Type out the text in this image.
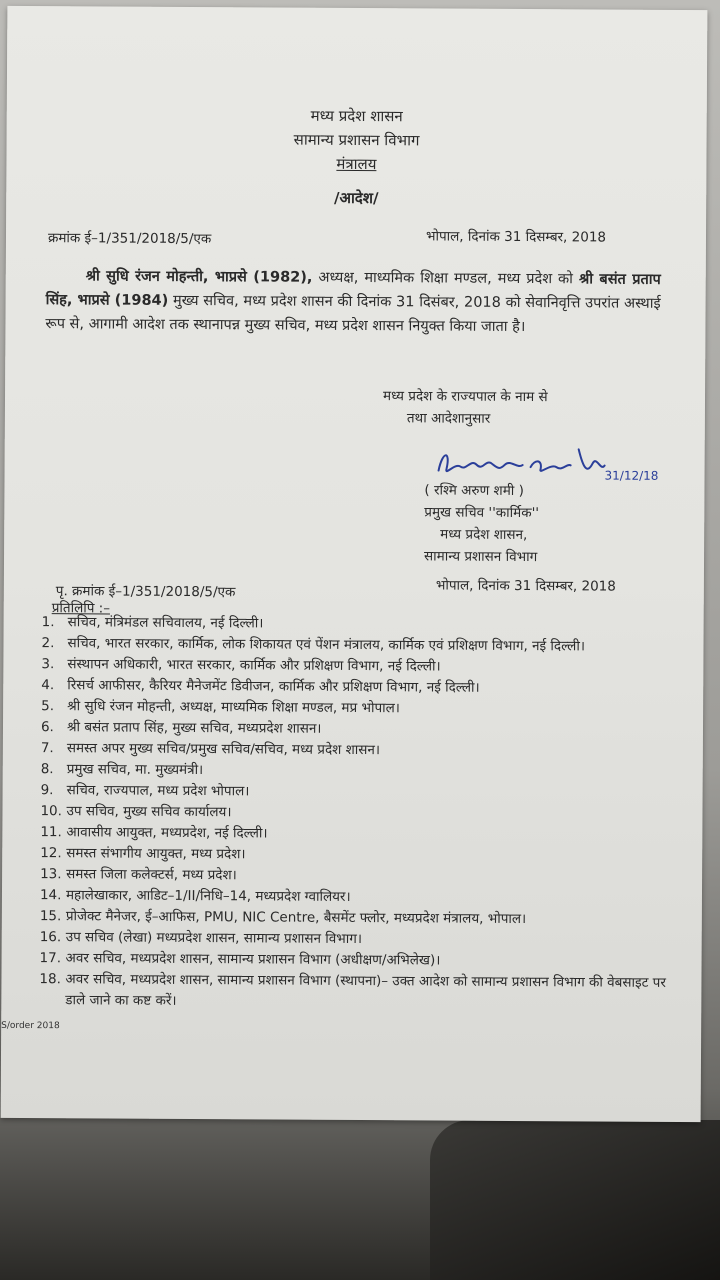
मध्य प्रदेश शासन
सामान्य प्रशासन विभाग
मंत्रालय
/आदेश/
क्रमांक ई–1/351/2018/5/एक	भोपाल, दिनांक 31 दिसम्बर, 2018
श्री सुधि रंजन मोहन्ती, भाप्रसे (1982), अध्यक्ष, माध्यमिक शिक्षा मण्डल, मध्य प्रदेश को श्री बसंत प्रताप सिंह, भाप्रसे (1984) मुख्य सचिव, मध्य प्रदेश शासन की दिनांक 31 दिसंबर, 2018 को सेवानिवृत्ति उपरांत अस्थाई रूप से, आगामी आदेश तक स्थानापन्न मुख्य सचिव, मध्य प्रदेश शासन नियुक्त किया जाता है।
मध्य प्रदेश के राज्यपाल के नाम से
तथा आदेशानुसार
31/12/18
( रश्मि अरुण शमी )
प्रमुख सचिव ''कार्मिक''
मध्य प्रदेश शासन,
सामान्य प्रशासन विभाग
पृ. क्रमांक ई–1/351/2018/5/एक	भोपाल, दिनांक 31 दिसम्बर, 2018
प्रतिलिपि :–
1. सचिव, मंत्रिमंडल सचिवालय, नई दिल्ली।
2. सचिव, भारत सरकार, कार्मिक, लोक शिकायत एवं पेंशन मंत्रालय, कार्मिक एवं प्रशिक्षण विभाग, नई दिल्ली।
3. संस्थापन अधिकारी, भारत सरकार, कार्मिक और प्रशिक्षण विभाग, नई दिल्ली।
4. रिसर्च आफीसर, कैरियर मैनेजमेंट डिवीजन, कार्मिक और प्रशिक्षण विभाग, नई दिल्ली।
5. श्री सुधि रंजन मोहन्ती, अध्यक्ष, माध्यमिक शिक्षा मण्डल, मप्र भोपाल।
6. श्री बसंत प्रताप सिंह, मुख्य सचिव, मध्यप्रदेश शासन।
7. समस्त अपर मुख्य सचिव/प्रमुख सचिव/सचिव, मध्य प्रदेश शासन।
8. प्रमुख सचिव, मा. मुख्यमंत्री।
9. सचिव, राज्यपाल, मध्य प्रदेश भोपाल।
10. उप सचिव, मुख्य सचिव कार्यालय।
11. आवासीय आयुक्त, मध्यप्रदेश, नई दिल्ली।
12. समस्त संभागीय आयुक्त, मध्य प्रदेश।
13. समस्त जिला कलेक्टर्स, मध्य प्रदेश।
14. महालेखाकार, आडिट–1/II/निधि–14, मध्यप्रदेश ग्वालियर।
15. प्रोजेक्ट मैनेजर, ई–आफिस, PMU, NIC Centre, बैसमेंट फ्लोर, मध्यप्रदेश मंत्रालय, भोपाल।
16. उप सचिव (लेखा) मध्यप्रदेश शासन, सामान्य प्रशासन विभाग।
17. अवर सचिव, मध्यप्रदेश शासन, सामान्य प्रशासन विभाग (अधीक्षण/अभिलेख)।
18. अवर सचिव, मध्यप्रदेश शासन, सामान्य प्रशासन विभाग (स्थापना)– उक्त आदेश को सामान्य प्रशासन विभाग की वेबसाइट पर डाले जाने का कष्ट करें।
S/order 2018
